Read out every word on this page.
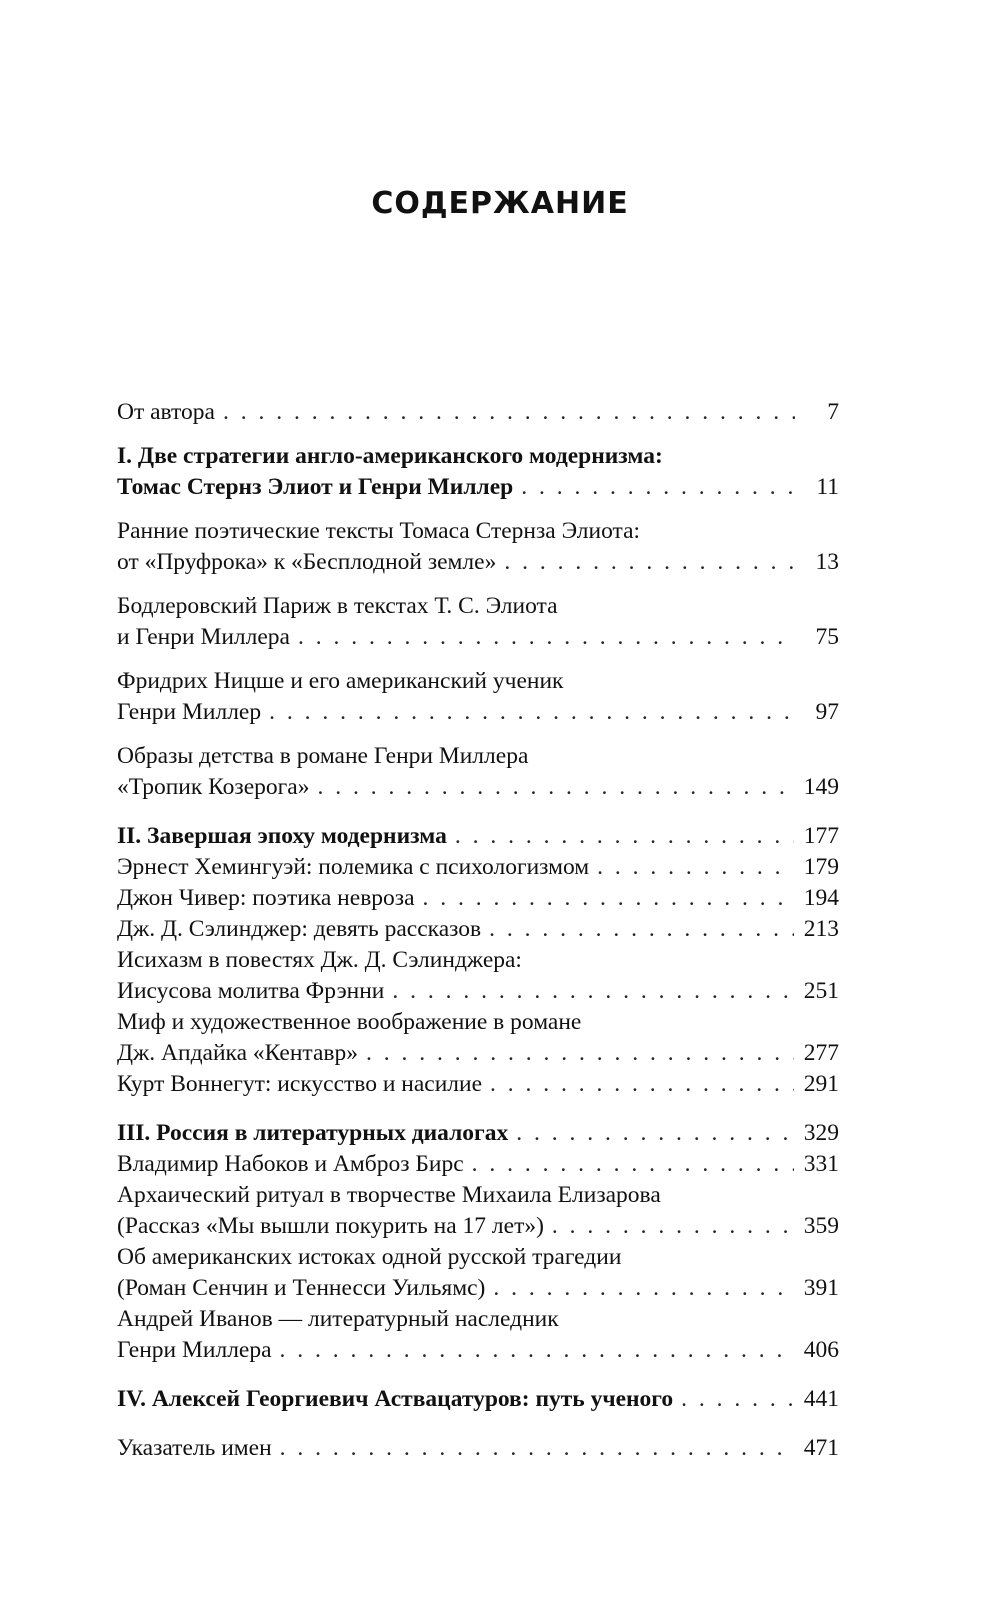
СОДЕРЖАНИЕ
От автора . . .	7
I. Две стратегии англо-американского модернизма:
Томас Стернз Элиот и Генри Миллер . . .	11
Ранние поэтические тексты Томаса Стернза Элиота:
от «Пруфрока» к «Бесплодной земле» . . .	13
Бодлеровский Париж в текстах Т. С. Элиота
и Генри Миллера . . .	75
Фридрих Ницше и его американский ученик
Генри Миллер . . .	97
Образы детства в романе Генри Миллера
«Тропик Козерога» . . .	149
II. Завершая эпоху модернизма . . .	177
Эрнест Хемингуэй: полемика с психологизмом . . .	179
Джон Чивер: поэтика невроза . . .	194
Дж. Д. Сэлинджер: девять рассказов . . .	213
Исихазм в повестях Дж. Д. Сэлинджера:
Иисусова молитва Фрэнни . . .	251
Миф и художественное воображение в романе
Дж. Апдайка «Кентавр» . . .	277
Курт Воннегут: искусство и насилие . . .	291
III. Россия в литературных диалогах . . .	329
Владимир Набоков и Амброз Бирс . . .	331
Архаический ритуал в творчестве Михаила Елизарова
(Рассказ «Мы вышли покурить на 17 лет») . . .	359
Об американских истоках одной русской трагедии
(Роман Сенчин и Теннесси Уильямс) . . .	391
Андрей Иванов — литературный наследник
Генри Миллера . . .	406
IV. Алексей Георгиевич Аствацатуров: путь ученого . . .	441
Указатель имен . . .	471
